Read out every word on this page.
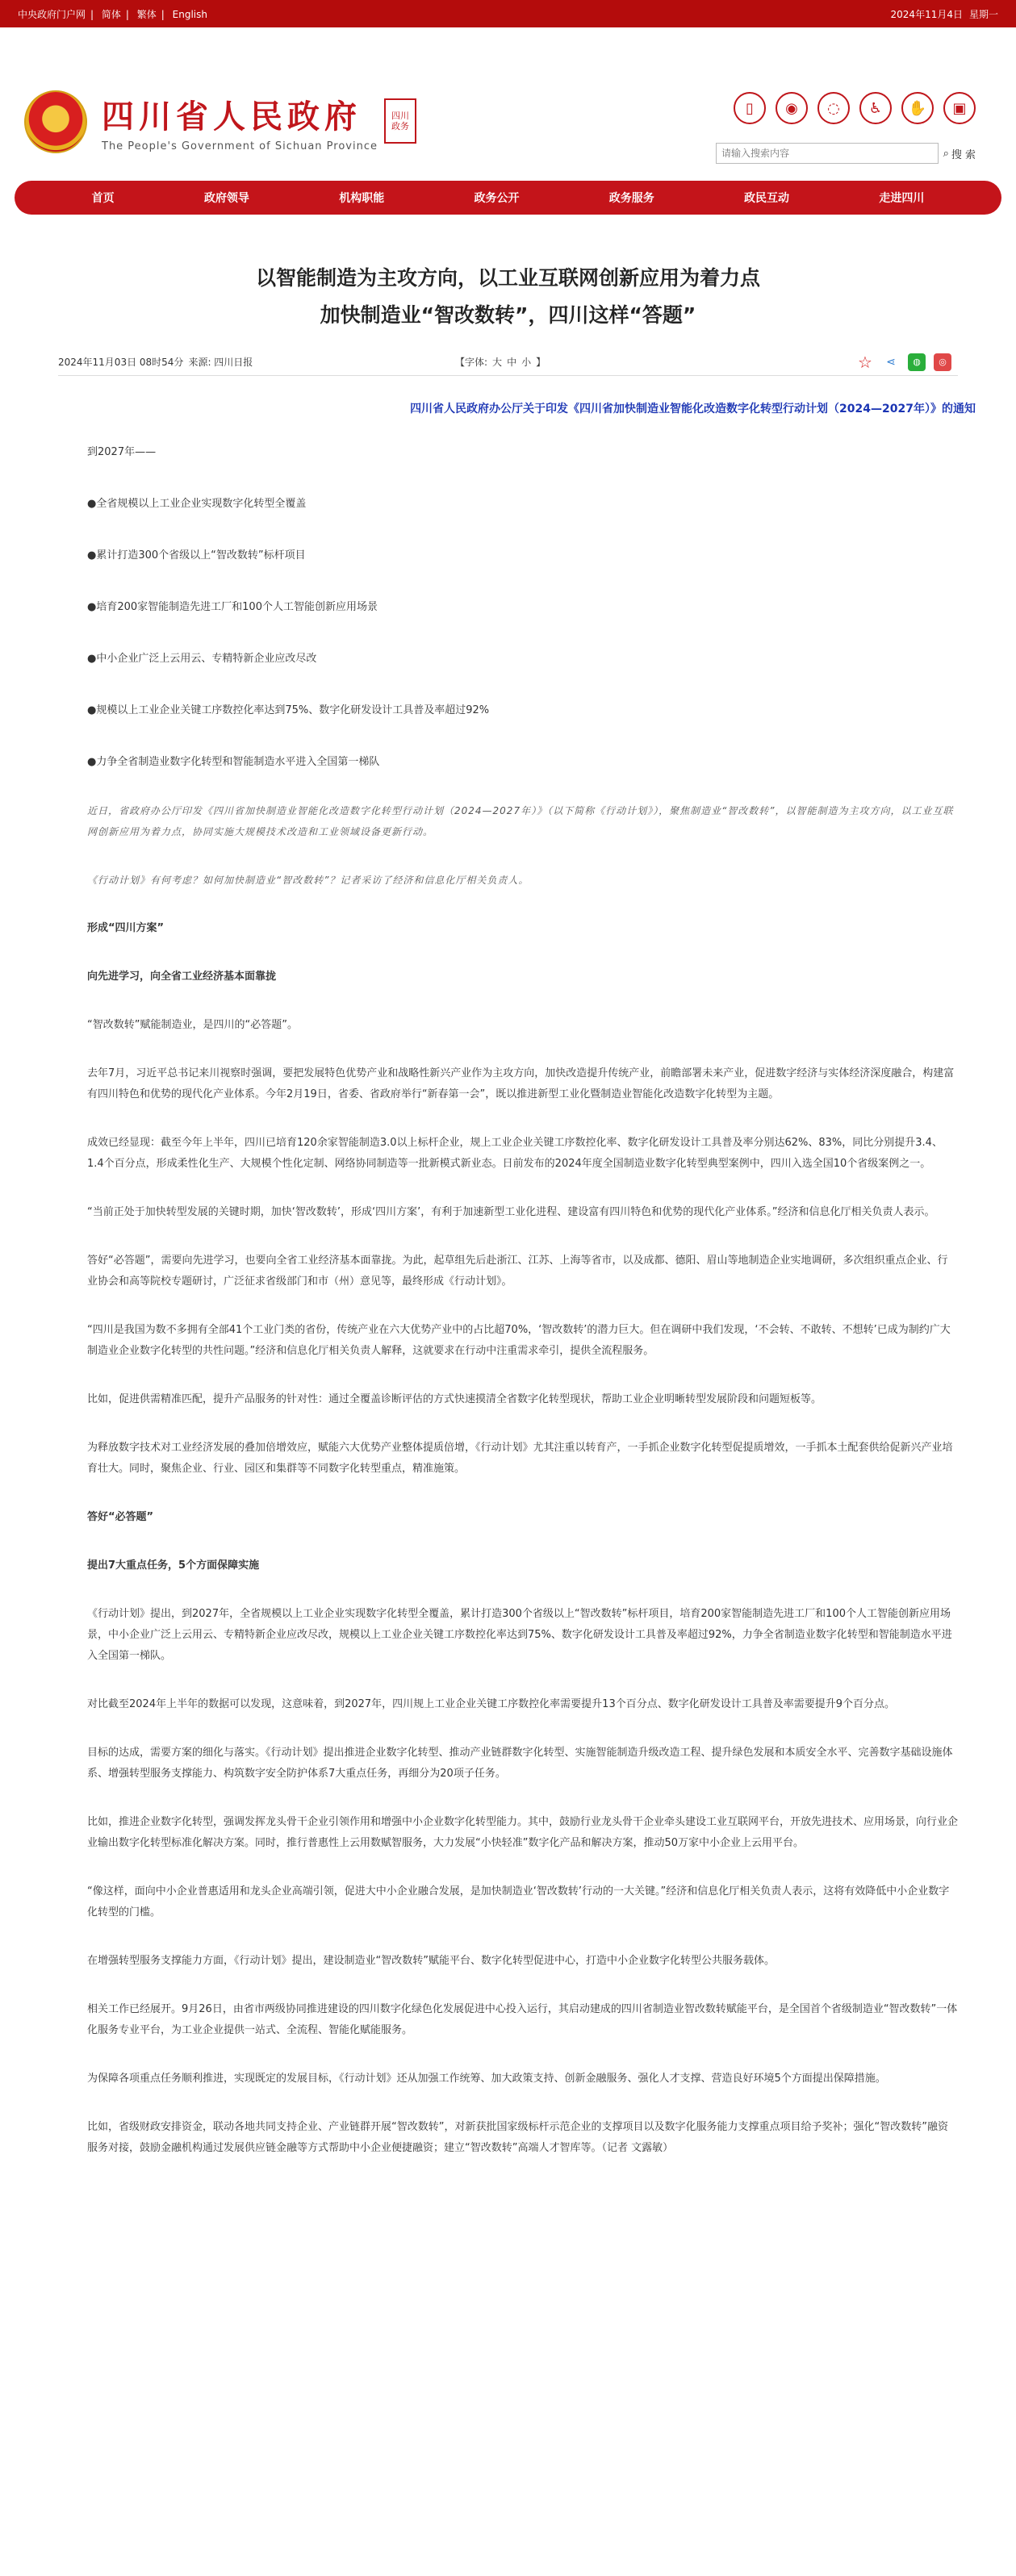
中央政府门户网 | 简体 | 繁体 | English	2024年11月4日 星期一
四川省人民政府
The People's Government of Sichuan Province
四川政务
▯	◉	◌	♿	✋	▣
请输入搜索内容
⌕ 搜 索
首页	政府领导	机构职能	政务公开	政务服务	政民互动	走进四川
以智能制造为主攻方向，以工业互联网创新应用为着力点
加快制造业“智改数转”，四川这样“答题”
2024年11月03日 08时54分 来源: 四川日报	【字体: 大 中 小 】	☆	⋖	◍	◎
四川省人民政府办公厅关于印发《四川省加快制造业智能化改造数字化转型行动计划（2024—2027年）》的通知

到2027年——

●全省规模以上工业企业实现数字化转型全覆盖

●累计打造300个省级以上“智改数转”标杆项目

●培育200家智能制造先进工厂和100个人工智能创新应用场景

●中小企业广泛上云用云、专精特新企业应改尽改

●规模以上工业企业关键工序数控化率达到75%、数字化研发设计工具普及率超过92%

●力争全省制造业数字化转型和智能制造水平进入全国第一梯队

近日，省政府办公厅印发《四川省加快制造业智能化改造数字化转型行动计划（2024—2027年）》（以下简称《行动计划》），聚焦制造业“智改数转”，以智能制造为主攻方向，以工业互联网创新应用为着力点，协同实施大规模技术改造和工业领域设备更新行动。

《行动计划》有何考虑？如何加快制造业“智改数转”？记者采访了经济和信息化厅相关负责人。

形成“四川方案”

向先进学习，向全省工业经济基本面靠拢

“智改数转”赋能制造业，是四川的“必答题”。

去年7月，习近平总书记来川视察时强调，要把发展特色优势产业和战略性新兴产业作为主攻方向，加快改造提升传统产业，前瞻部署未来产业，促进数字经济与实体经济深度融合，构建富有四川特色和优势的现代化产业体系。今年2月19日，省委、省政府举行“新春第一会”，既以推进新型工业化暨制造业智能化改造数字化转型为主题。

成效已经显现：截至今年上半年，四川已培育120余家智能制造3.0以上标杆企业，规上工业企业关键工序数控化率、数字化研发设计工具普及率分别达62%、83%，同比分别提升3.4、1.4个百分点，形成柔性化生产、大规模个性化定制、网络协同制造等一批新模式新业态。日前发布的2024年度全国制造业数字化转型典型案例中，四川入选全国10个省级案例之一。

“当前正处于加快转型发展的关键时期，加快‘智改数转’，形成‘四川方案’，有利于加速新型工业化进程、建设富有四川特色和优势的现代化产业体系。”经济和信息化厅相关负责人表示。

答好“必答题”，需要向先进学习，也要向全省工业经济基本面靠拢。为此，起草组先后赴浙江、江苏、上海等省市，以及成都、德阳、眉山等地制造企业实地调研，多次组织重点企业、行业协会和高等院校专题研讨，广泛征求省级部门和市（州）意见等，最终形成《行动计划》。

“四川是我国为数不多拥有全部41个工业门类的省份，传统产业在六大优势产业中的占比超70%，‘智改数转’的潜力巨大。但在调研中我们发现，‘不会转、不敢转、不想转’已成为制约广大制造业企业数字化转型的共性问题。”经济和信息化厅相关负责人解释，这就要求在行动中注重需求牵引，提供全流程服务。

比如，促进供需精准匹配，提升产品服务的针对性：通过全覆盖诊断评估的方式快速摸清全省数字化转型现状，帮助工业企业明晰转型发展阶段和问题短板等。

为释放数字技术对工业经济发展的叠加倍增效应，赋能六大优势产业整体提质倍增，《行动计划》尤其注重以转育产，一手抓企业数字化转型促提质增效，一手抓本土配套供给促新兴产业培育壮大。同时，聚焦企业、行业、园区和集群等不同数字化转型重点，精准施策。

答好“必答题”

提出7大重点任务，5个方面保障实施

《行动计划》提出，到2027年，全省规模以上工业企业实现数字化转型全覆盖，累计打造300个省级以上“智改数转”标杆项目，培育200家智能制造先进工厂和100个人工智能创新应用场景，中小企业广泛上云用云、专精特新企业应改尽改，规模以上工业企业关键工序数控化率达到75%、数字化研发设计工具普及率超过92%，力争全省制造业数字化转型和智能制造水平进入全国第一梯队。

对比截至2024年上半年的数据可以发现，这意味着，到2027年，四川规上工业企业关键工序数控化率需要提升13个百分点、数字化研发设计工具普及率需要提升9个百分点。

目标的达成，需要方案的细化与落实。《行动计划》提出推进企业数字化转型、推动产业链群数字化转型、实施智能制造升级改造工程、提升绿色发展和本质安全水平、完善数字基础设施体系、增强转型服务支撑能力、构筑数字安全防护体系7大重点任务，再细分为20项子任务。

比如，推进企业数字化转型，强调发挥龙头骨干企业引领作用和增强中小企业数字化转型能力。其中，鼓励行业龙头骨干企业牵头建设工业互联网平台，开放先进技术、应用场景，向行业企业输出数字化转型标准化解决方案。同时，推行普惠性上云用数赋智服务，大力发展“小快轻准”数字化产品和解决方案，推动50万家中小企业上云用平台。

“像这样，面向中小企业普惠适用和龙头企业高端引领，促进大中小企业融合发展，是加快制造业‘智改数转’行动的一大关键。”经济和信息化厅相关负责人表示，这将有效降低中小企业数字化转型的门槛。

在增强转型服务支撑能力方面，《行动计划》提出，建设制造业“智改数转”赋能平台、数字化转型促进中心，打造中小企业数字化转型公共服务载体。

相关工作已经展开。9月26日，由省市两级协同推进建设的四川数字化绿色化发展促进中心投入运行，其启动建成的四川省制造业智改数转赋能平台，是全国首个省级制造业“智改数转”一体化服务专业平台，为工业企业提供一站式、全流程、智能化赋能服务。

为保障各项重点任务顺利推进，实现既定的发展目标，《行动计划》还从加强工作统筹、加大政策支持、创新金融服务、强化人才支撑、营造良好环境5个方面提出保障措施。

比如，省级财政安排资金，联动各地共同支持企业、产业链群开展“智改数转”，对新获批国家级标杆示范企业的支撑项目以及数字化服务能力支撑重点项目给予奖补；强化“智改数转”融资服务对接，鼓励金融机构通过发展供应链金融等方式帮助中小企业便捷融资；建立“智改数转”高端人才智库等。（记者 文露敏）
